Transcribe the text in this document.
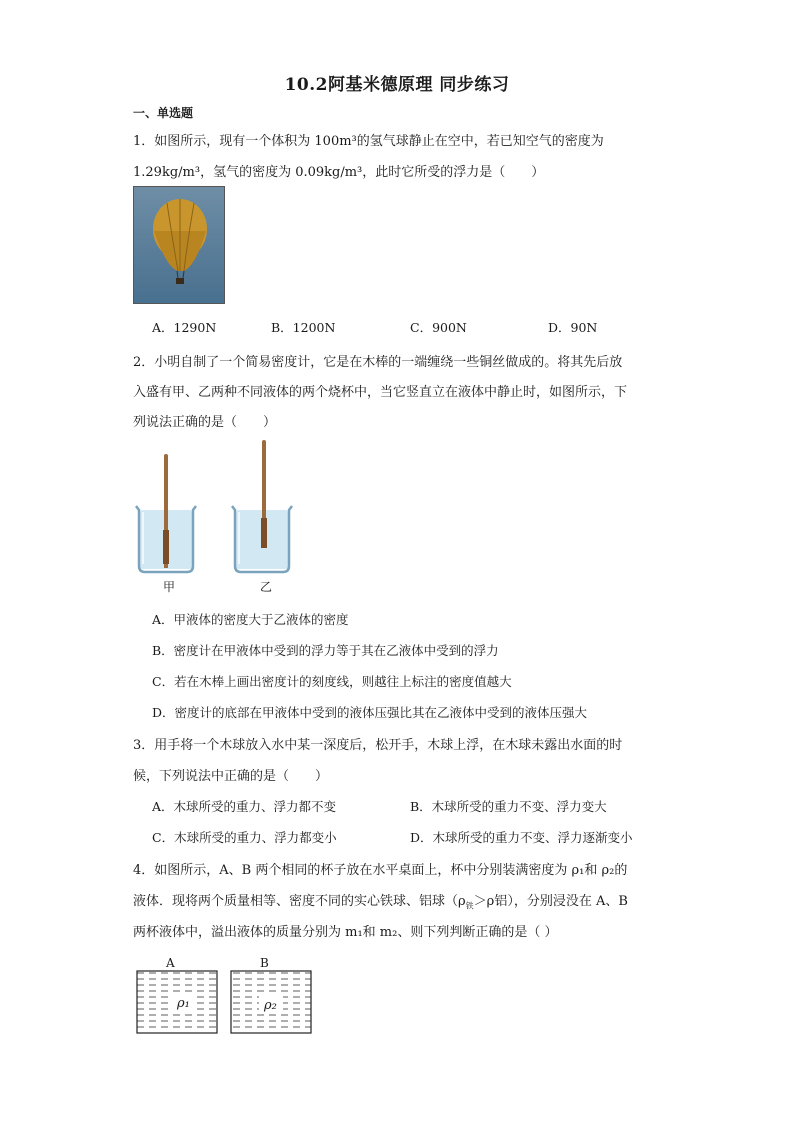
10.2阿基米德原理 同步练习
一、单选题
1．如图所示，现有一个体积为 100m³的氢气球静止在空中，若已知空气的密度为
1.29kg/m³，氢气的密度为 0.09kg/m³，此时它所受的浮力是（　　）
A．1290N	B．1200N	C．900N	D．90N
2．小明自制了一个简易密度计，它是在木棒的一端缠绕一些铜丝做成的。将其先后放
入盛有甲、乙两种不同液体的两个烧杯中，当它竖直立在液体中静止时，如图所示，下
列说法正确的是（　　）
甲	乙
A．甲液体的密度大于乙液体的密度
B．密度计在甲液体中受到的浮力等于其在乙液体中受到的浮力
C．若在木棒上画出密度计的刻度线，则越往上标注的密度值越大
D．密度计的底部在甲液体中受到的液体压强比其在乙液体中受到的液体压强大
3．用手将一个木球放入水中某一深度后，松开手，木球上浮，在木球未露出水面的时
候，下列说法中正确的是（　　）
A．木球所受的重力、浮力都不变	B．木球所受的重力不变、浮力变大
C．木球所受的重力、浮力都变小	D．木球所受的重力不变、浮力逐渐变小
4．如图所示，A、B 两个相同的杯子放在水平桌面上，杯中分别装满密度为 ρ₁和 ρ₂的
液体．现将两个质量相等、密度不同的实心铁球、铝球（$\rho_铁>\rho$铝），分别浸没在 A、B
两杯液体中，溢出液体的质量分别为 m₁和 m₂、则下列判断正确的是（ ）
A	B
ρ₁	ρ₂
